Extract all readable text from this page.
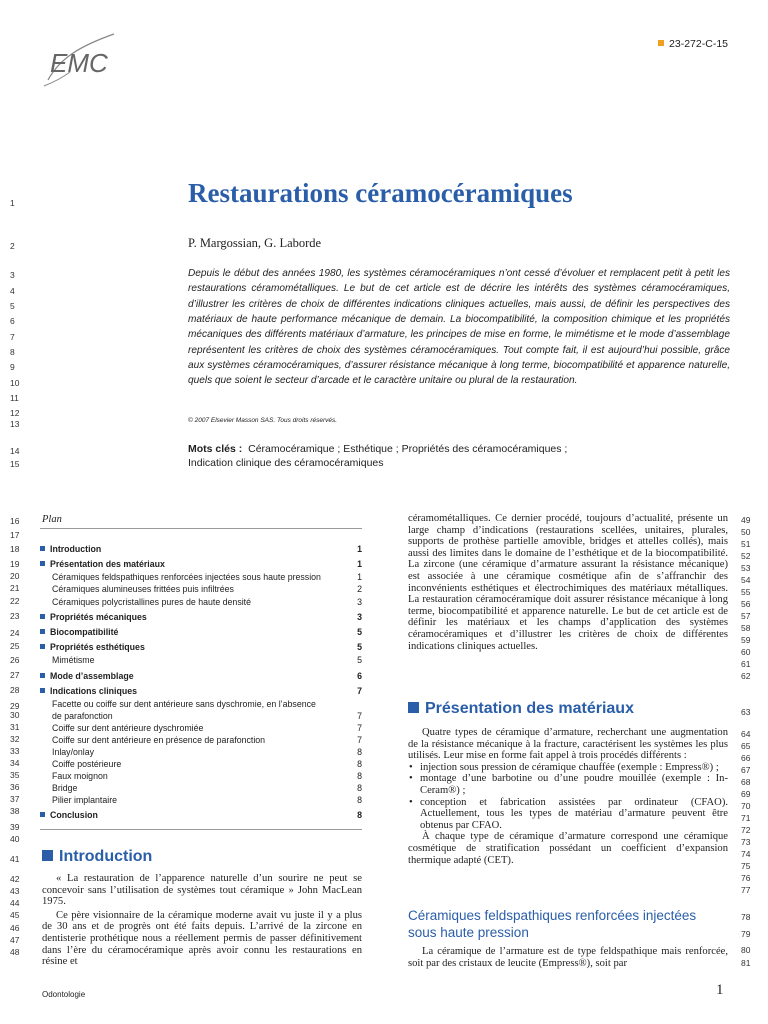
EMC
23-272-C-15
1
2
3
4
5
6
7
8
9
10
11
12
13
14
15
Restaurations céramocéramiques
P. Margossian, G. Laborde
Depuis le début des années 1980, les systèmes céramocéramiques n’ont cessé d’évoluer et remplacent petit à petit les restaurations céramométalliques. Le but de cet article est de décrire les intérêts des systèmes céramocéramiques, d’illustrer les critères de choix de différentes indications cliniques actuelles, mais aussi, de définir les perspectives des matériaux de haute performance mécanique de demain. La biocompatibilité, la composition chimique et les propriétés mécaniques des différents matériaux d’armature, les principes de mise en forme, le mimétisme et le mode d’assemblage représentent les critères de choix des systèmes céramocéramiques. Tout compte fait, il est aujourd’hui possible, grâce aux systèmes céramocéramiques, d’assurer résistance mécanique à long terme, biocompatibilité et apparence naturelle, quels que soient le secteur d’arcade et le caractère unitaire ou plural de la restauration.
© 2007 Elsevier Masson SAS. Tous droits réservés.
Mots clés : Céramocéramique ; Esthétique ; Propriétés des céramocéramiques ;
Indication clinique des céramocéramiques
Plan
Introduction	1
Présentation des matériaux	1
Céramiques feldspathiques renforcées injectées sous haute pression	1
Céramiques alumineuses frittées puis infiltrées	2
Céramiques polycristallines pures de haute densité	3
Propriétés mécaniques	3
Biocompatibilité	5
Propriétés esthétiques	5
Mimétisme	5
Mode d’assemblage	6
Indications cliniques	7
Facette ou coiffe sur dent antérieure sans dyschromie, en l’absence
de parafonction	7
Coiffe sur dent antérieure dyschromiée	7
Coiffe sur dent antérieure en présence de parafonction	7
Inlay/onlay	8
Coiffe postérieure	8
Faux moignon	8
Bridge	8
Pilier implantaire	8
Conclusion	8
16
17
18
19
20
21
22
23
24
25
26
27
28
29
30
31
32
33
34
35
36
37
38
39
40
41
42
43
44
45
46
47
48
Introduction

« La restauration de l’apparence naturelle d’un sourire ne peut se concevoir sans l’utilisation de systèmes tout céramique » John MacLean 1975.

Ce père visionnaire de la céramique moderne avait vu juste il y a plus de 30 ans et de progrès ont été faits depuis. L’arrivé de la zircone en dentisterie prothétique nous a réellement permis de passer définitivement dans l’ère du céramocéramique après avoir connu les restaurations en résine et

céramométalliques. Ce dernier procédé, toujours d’actualité, présente un large champ d’indications (restaurations scellées, unitaires, plurales, supports de prothèse partielle amovible, bridges et attelles collés), mais aussi des limites dans le domaine de l’esthétique et de la biocompatibilité. La zircone (une céramique d’armature assurant la résistance mécanique) est associée à une céramique cosmétique afin de s’affranchir des inconvénients esthétiques et électrochimiques des matériaux métalliques. La restauration céramocéramique doit assurer résistance mécanique à long terme, biocompatibilité et apparence naturelle. Le but de cet article est de définir les matériaux et les champs d’application des systèmes céramocéramiques et d’illustrer les critères de choix de différentes indications cliniques actuelles.

Présentation des matériaux

Quatre types de céramique d’armature, recherchant une augmentation de la résistance mécanique à la fracture, caractérisent les systèmes les plus utilisés. Leur mise en forme fait appel à trois procédés différents :

• injection sous pression de céramique chauffée (exemple : Empress®) ;
• montage d’une barbotine ou d’une poudre mouillée (exemple : In-Ceram®) ;
• conception et fabrication assistées par ordinateur (CFAO). Actuellement, tous les types de matériau d’armature peuvent être obtenus par CFAO.

À chaque type de céramique d’armature correspond une céramique cosmétique de stratification possédant un coefficient d’expansion thermique adapté (CET).

Céramiques feldspathiques renforcées injectées sous haute pression

La céramique de l’armature est de type feldspathique mais renforcée, soit par des cristaux de leucite (Empress®), soit par

49
50
51
52
53
54
55
56
57
58
59
60
61
62
63
64
65
66
67
68
69
70
71
72
73
74
75
76
77
78
79
80
81
Odontologie	1
